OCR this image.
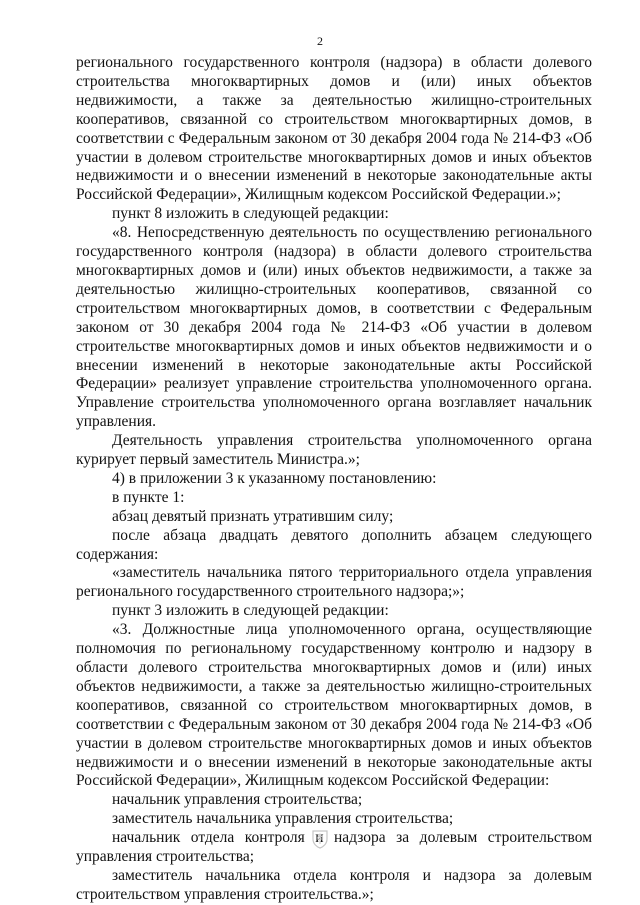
2

регионального государственного контроля (надзора) в области долевого строительства многоквартирных домов и (или) иных объектов недвижимости, а также за деятельностью жилищно-строительных кооперативов, связанной со строительством многоквартирных домов, в соответствии с Федеральным законом от 30 декабря 2004 года № 214-ФЗ «Об участии в долевом строительстве многоквартирных домов и иных объектов недвижимости и о внесении изменений в некоторые законодательные акты Российской Федерации», Жилищным кодексом Российской Федерации.»;

пункт 8 изложить в следующей редакции:

«8. Непосредственную деятельность по осуществлению регионального государственного контроля (надзора) в области долевого строительства многоквартирных домов и (или) иных объектов недвижимости, а также за деятельностью жилищно-строительных кооперативов, связанной со строительством многоквартирных домов, в соответствии с Федеральным законом от 30 декабря 2004 года № 214-ФЗ «Об участии в долевом строительстве многоквартирных домов и иных объектов недвижимости и о внесении изменений в некоторые законодательные акты Российской Федерации» реализует управление строительства уполномоченного органа. Управление строительства уполномоченного органа возглавляет начальник управления.

Деятельность управления строительства уполномоченного органа курирует первый заместитель Министра.»;

4) в приложении 3 к указанному постановлению:

в пункте 1:

абзац девятый признать утратившим силу;

после абзаца двадцать девятого дополнить абзацем следующего содержания:

«заместитель начальника пятого территориального отдела управления регионального государственного строительного надзора;»;

пункт 3 изложить в следующей редакции:

«3. Должностные лица уполномоченного органа, осуществляющие полномочия по региональному государственному контролю и надзору в области долевого строительства многоквартирных домов и (или) иных объектов недвижимости, а также за деятельностью жилищно-строительных кооперативов, связанной со строительством многоквартирных домов, в соответствии с Федеральным законом от 30 декабря 2004 года № 214-ФЗ «Об участии в долевом строительстве многоквартирных домов и иных объектов недвижимости и о внесении изменений в некоторые законодательные акты Российской Федерации», Жилищным кодексом Российской Федерации:

начальник управления строительства;

заместитель начальника управления строительства;

начальник отдела контроля и надзора за долевым строительством управления строительства;

заместитель начальника отдела контроля и надзора за долевым строительством управления строительства.»;
